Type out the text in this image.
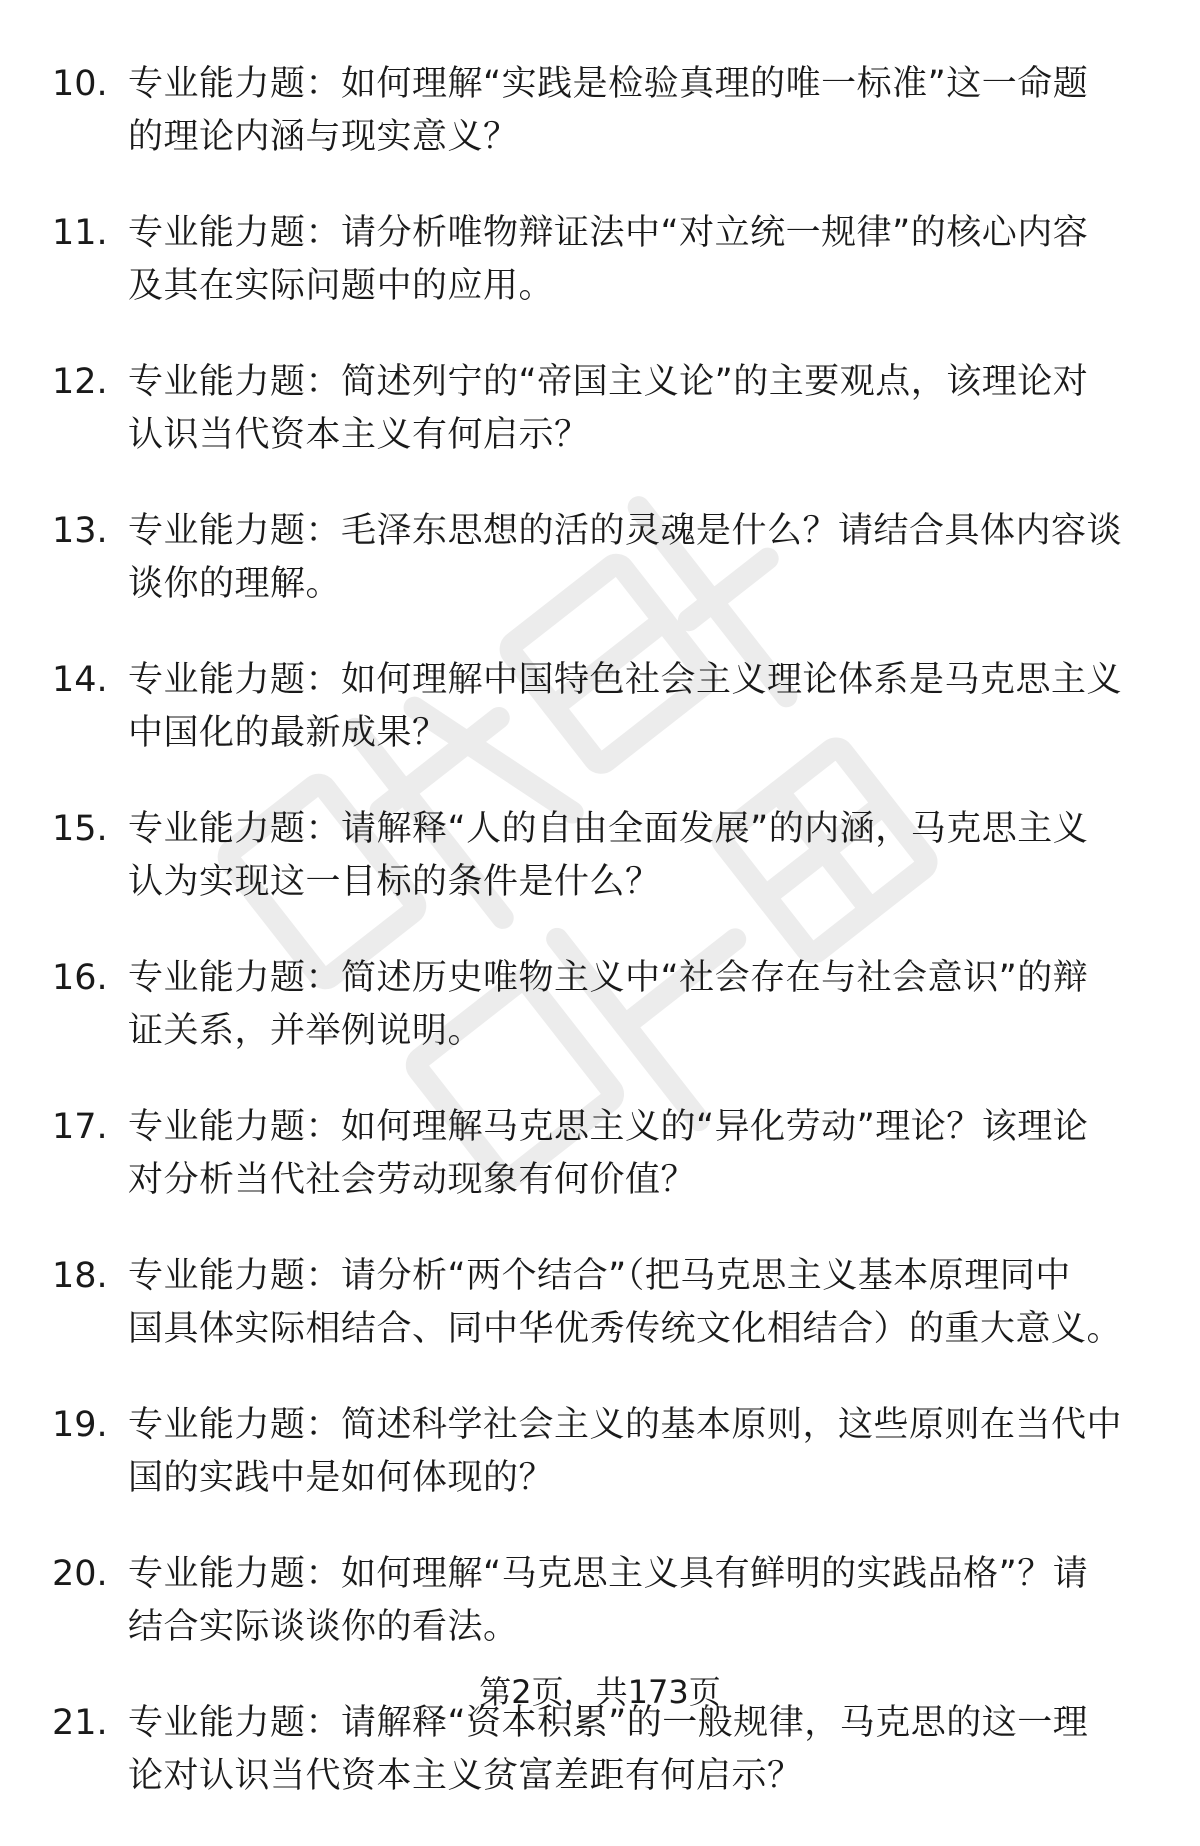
10. 专业能力题：如何理解“实践是检验真理的唯一标准”这一命题
的理论内涵与现实意义？
11. 专业能力题：请分析唯物辩证法中“对立统一规律”的核心内容
及其在实际问题中的应用。
12. 专业能力题：简述列宁的“帝国主义论”的主要观点，该理论对
认识当代资本主义有何启示？
13. 专业能力题：毛泽东思想的活的灵魂是什么？请结合具体内容谈
谈你的理解。
14. 专业能力题：如何理解中国特色社会主义理论体系是马克思主义
中国化的最新成果？
15. 专业能力题：请解释“人的自由全面发展”的内涵，马克思主义
认为实现这一目标的条件是什么？
16. 专业能力题：简述历史唯物主义中“社会存在与社会意识”的辩
证关系，并举例说明。
17. 专业能力题：如何理解马克思主义的“异化劳动”理论？该理论
对分析当代社会劳动现象有何价值？
18. 专业能力题：请分析“两个结合”（把马克思主义基本原理同中
国具体实际相结合、同中华优秀传统文化相结合）的重大意义。
19. 专业能力题：简述科学社会主义的基本原则，这些原则在当代中
国的实践中是如何体现的？
20. 专业能力题：如何理解“马克思主义具有鲜明的实践品格”？请
结合实际谈谈你的看法。
21. 专业能力题：请解释“资本积累”的一般规律，马克思的这一理
论对认识当代资本主义贫富差距有何启示？
第2页，共173页
